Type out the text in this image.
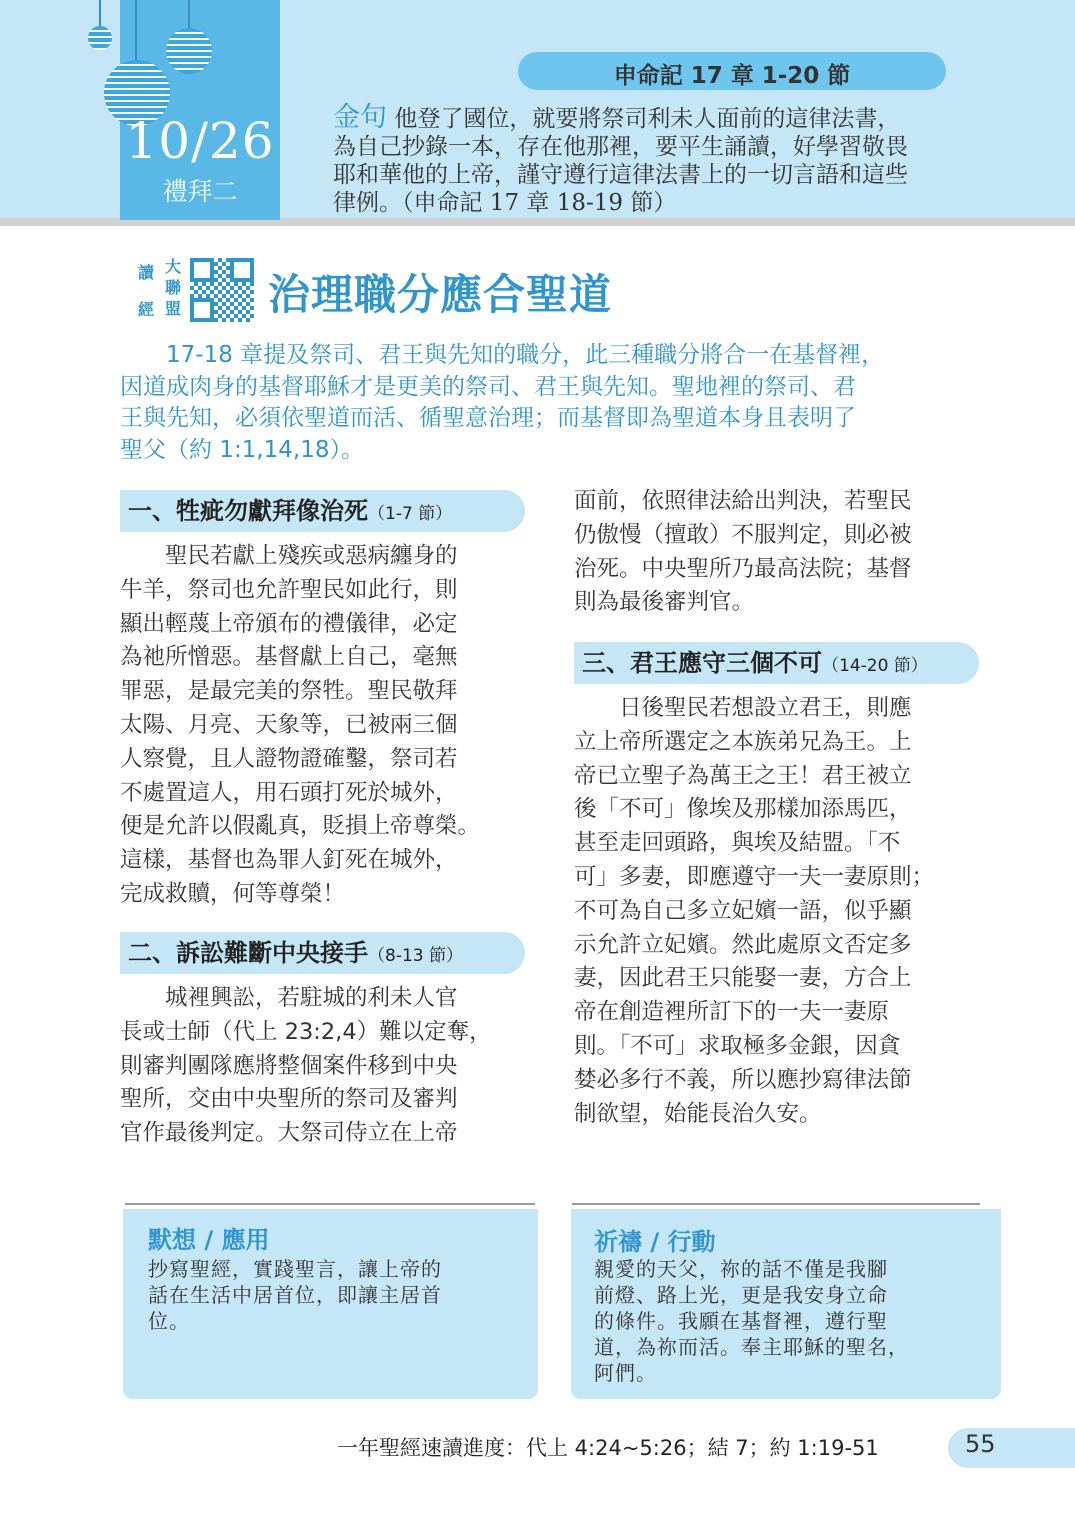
10/26
禮拜二
申命記 17 章 1-20 節
金句 他登了國位，就要將祭司利未人面前的這律法書，
為自己抄錄一本，存在他那裡，要平生誦讀，好學習敬畏
耶和華他的上帝，謹守遵行這律法書上的一切言語和這些
律例。（申命記 17 章 18-19 節）
讀
經
大
聯
盟 治理職分應合聖道
　　17-18 章提及祭司、君王與先知的職分，此三種職分將合一在基督裡，
因道成肉身的基督耶穌才是更美的祭司、君王與先知。聖地裡的祭司、君
王與先知，必須依聖道而活、循聖意治理；而基督即為聖道本身且表明了
聖父（約 1:1,14,18）。
一、牲疵勿獻拜像治死（1-7 節）
　　聖民若獻上殘疾或惡病纏身的
牛羊，祭司也允許聖民如此行，則
顯出輕蔑上帝頒布的禮儀律，必定
為祂所憎惡。基督獻上自己，毫無
罪惡，是最完美的祭牲。聖民敬拜
太陽、月亮、天象等，已被兩三個
人察覺，且人證物證確鑿，祭司若
不處置這人，用石頭打死於城外，
便是允許以假亂真，貶損上帝尊榮。
這樣，基督也為罪人釘死在城外，
完成救贖，何等尊榮！
二、訴訟難斷中央接手（8-13 節）
　　城裡興訟，若駐城的利未人官
長或士師（代上 23:2,4）難以定奪，
則審判團隊應將整個案件移到中央
聖所，交由中央聖所的祭司及審判
官作最後判定。大祭司侍立在上帝
面前，依照律法給出判決，若聖民
仍傲慢（擅敢）不服判定，則必被
治死。中央聖所乃最高法院；基督
則為最後審判官。
三、君王應守三個不可（14-20 節）
　　日後聖民若想設立君王，則應
立上帝所選定之本族弟兄為王。上
帝已立聖子為萬王之王！君王被立
後「不可」像埃及那樣加添馬匹，
甚至走回頭路，與埃及結盟。「不
可」多妻，即應遵守一夫一妻原則；
不可為自己多立妃嬪一語，似乎顯
示允許立妃嬪。然此處原文否定多
妻，因此君王只能娶一妻，方合上
帝在創造裡所訂下的一夫一妻原
則。「不可」求取極多金銀，因貪
婪必多行不義，所以應抄寫律法節
制欲望，始能長治久安。
默想 / 應用
抄寫聖經，實踐聖言，讓上帝的
話在生活中居首位，即讓主居首
位。
祈禱 / 行動
親愛的天父，祢的話不僅是我腳
前燈、路上光，更是我安身立命
的條件。我願在基督裡，遵行聖
道，為祢而活。奉主耶穌的聖名，
阿們。
一年聖經速讀進度：代上 4:24~5:26；結 7；約 1:19-51	55
